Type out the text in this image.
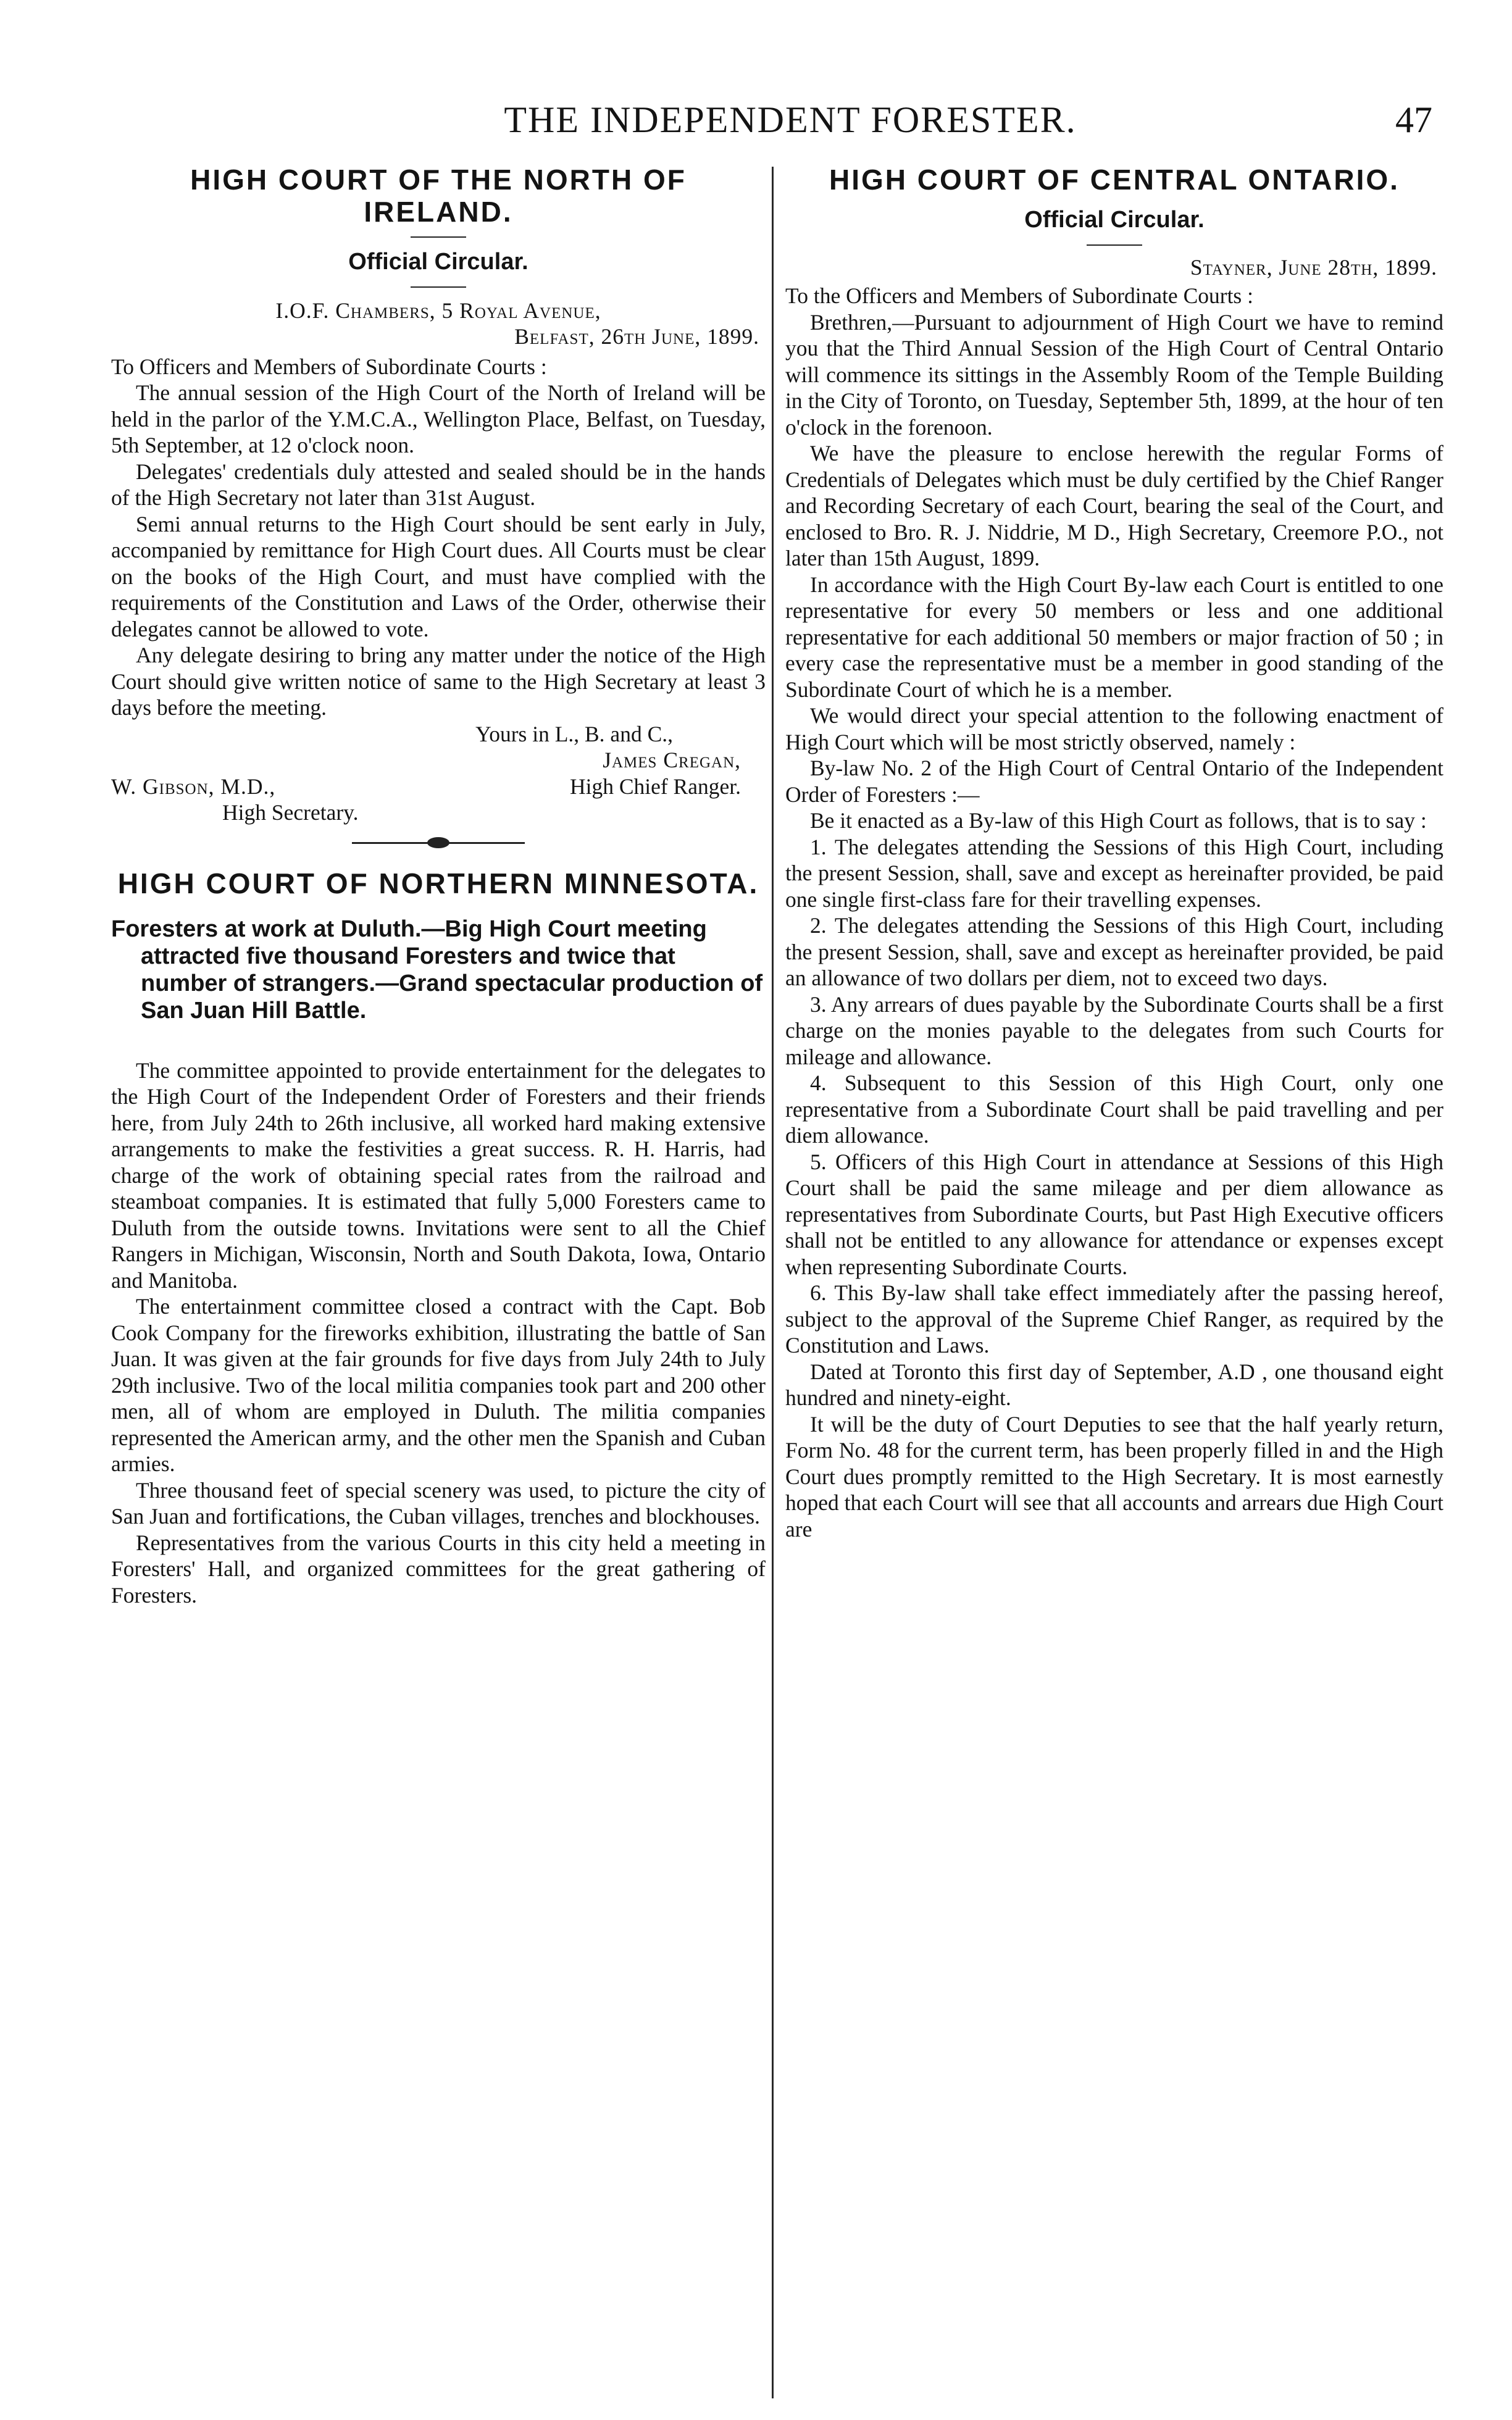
THE INDEPENDENT FORESTER.	47
HIGH COURT OF THE NORTH OF IRELAND.
Official Circular.
I.O.F. Chambers, 5 Royal Avenue,
Belfast, 26th June, 1899.

To Officers and Members of Subordinate Courts :

The annual session of the High Court of the North of Ireland will be held in the parlor of the Y.M.C.A., Wellington Place, Belfast, on Tuesday, 5th September, at 12 o'clock noon.

Delegates' credentials duly attested and sealed should be in the hands of the High Secretary not later than 31st August.

Semi annual returns to the High Court should be sent early in July, accompanied by remittance for High Court dues. All Courts must be clear on the books of the High Court, and must have complied with the requirements of the Constitution and Laws of the Order, otherwise their delegates cannot be allowed to vote.

Any delegate desiring to bring any matter under the notice of the High Court should give written notice of same to the High Secretary at least 3 days before the meeting.

Yours in L., B. and C.,
James Cregan,
W. Gibson, M.D.,	High Chief Ranger.
High Secretary.
HIGH COURT OF NORTHERN MINNESOTA.
Foresters at work at Duluth.—Big High Court meeting attracted five thousand Foresters and twice that number of strangers.—Grand spectacular production of San Juan Hill Battle.

The committee appointed to provide entertainment for the delegates to the High Court of the Independent Order of Foresters and their friends here, from July 24th to 26th inclusive, all worked hard making extensive arrangements to make the festivities a great success. R. H. Harris, had charge of the work of obtaining special rates from the railroad and steamboat companies. It is estimated that fully 5,000 Foresters came to Duluth from the outside towns. Invitations were sent to all the Chief Rangers in Michigan, Wisconsin, North and South Dakota, Iowa, Ontario and Manitoba.

The entertainment committee closed a contract with the Capt. Bob Cook Company for the fireworks exhibition, illustrating the battle of San Juan. It was given at the fair grounds for five days from July 24th to July 29th inclusive. Two of the local militia companies took part and 200 other men, all of whom are employed in Duluth. The militia companies represented the American army, and the other men the Spanish and Cuban armies.

Three thousand feet of special scenery was used, to picture the city of San Juan and fortifications, the Cuban villages, trenches and blockhouses.

Representatives from the various Courts in this city held a meeting in Foresters' Hall, and organized committees for the great gathering of Foresters.

HIGH COURT OF CENTRAL ONTARIO.
Official Circular.
Stayner, June 28th, 1899.

To the Officers and Members of Subordinate Courts :

Brethren,—Pursuant to adjournment of High Court we have to remind you that the Third Annual Session of the High Court of Central Ontario will commence its sittings in the Assembly Room of the Temple Building in the City of Toronto, on Tuesday, September 5th, 1899, at the hour of ten o'clock in the forenoon.

We have the pleasure to enclose herewith the regular Forms of Credentials of Delegates which must be duly certified by the Chief Ranger and Recording Secretary of each Court, bearing the seal of the Court, and enclosed to Bro. R. J. Niddrie, M D., High Secretary, Creemore P.O., not later than 15th August, 1899.

In accordance with the High Court By-law each Court is entitled to one representative for every 50 members or less and one additional representative for each additional 50 members or major fraction of 50 ; in every case the representative must be a member in good standing of the Subordinate Court of which he is a member.

We would direct your special attention to the following enactment of High Court which will be most strictly observed, namely :

By-law No. 2 of the High Court of Central Ontario of the Independent Order of Foresters :—

Be it enacted as a By-law of this High Court as follows, that is to say :

1. The delegates attending the Sessions of this High Court, including the present Session, shall, save and except as hereinafter provided, be paid one single first-class fare for their travelling expenses.

2. The delegates attending the Sessions of this High Court, including the present Session, shall, save and except as hereinafter provided, be paid an allowance of two dollars per diem, not to exceed two days.

3. Any arrears of dues payable by the Subordinate Courts shall be a first charge on the monies payable to the delegates from such Courts for mileage and allowance.

4. Subsequent to this Session of this High Court, only one representative from a Subordinate Court shall be paid travelling and per diem allowance.

5. Officers of this High Court in attendance at Sessions of this High Court shall be paid the same mileage and per diem allowance as representatives from Subordinate Courts, but Past High Executive officers shall not be entitled to any allowance for attendance or expenses except when representing Subordinate Courts.

6. This By-law shall take effect immediately after the passing hereof, subject to the approval of the Supreme Chief Ranger, as required by the Constitution and Laws.

Dated at Toronto this first day of September, A.D , one thousand eight hundred and ninety-eight.

It will be the duty of Court Deputies to see that the half yearly return, Form No. 48 for the current term, has been properly filled in and the High Court dues promptly remitted to the High Secretary. It is most earnestly hoped that each Court will see that all accounts and arrears due High Court are
